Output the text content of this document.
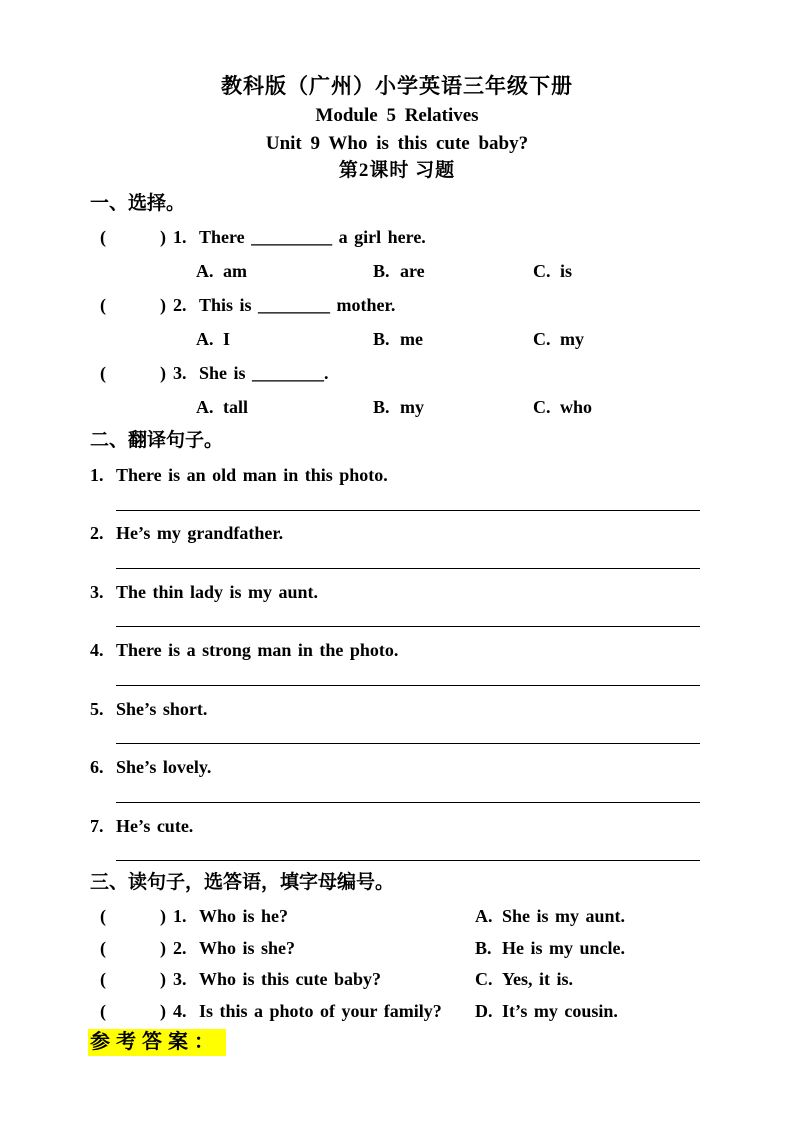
教科版（广州）小学英语三年级下册
Module 5 Relatives
Unit 9 Who is this cute baby?
第2课时 习题
一、选择。
(	) 1. There _________ a girl here.
A. am	B. are	C. is
(	) 2. This is ________ mother.
A. I	B. me	C. my
(	) 3. She is ________.
A. tall	B. my	C. who
二、翻译句子。
1. There is an old man in this photo.
2. He’s my grandfather.
3. The thin lady is my aunt.
4. There is a strong man in the photo.
5. She’s short.
6. She’s lovely.
7. He’s cute.
三、读句子，选答语，填字母编号。
(	) 1. Who is he?	A. She is my aunt.
(	) 2. Who is she?	B. He is my uncle.
(	) 3. Who is this cute baby?	C. Yes, it is.
(	) 4. Is this a photo of your family? D. It’s my cousin.
参考答案：
